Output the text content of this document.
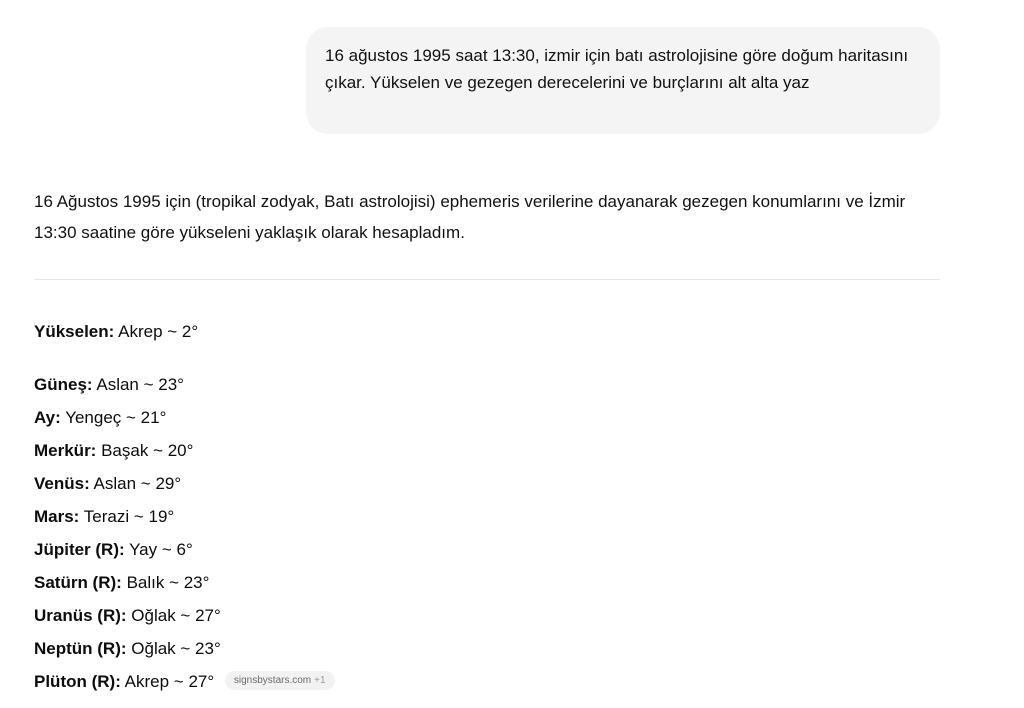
16 ağustos 1995 saat 13:30, izmir için batı astrolojisine göre doğum haritasını çıkar. Yükselen ve gezegen derecelerini ve burçlarını alt alta yaz

16 Ağustos 1995 için (tropikal zodyak, Batı astrolojisi) ephemeris verilerine dayanarak gezegen konumlarını ve İzmir 13:30 saatine göre yükseleni yaklaşık olarak hesapladım.

Yükselen: Akrep ~ 2°
Güneş: Aslan ~ 23°
Ay: Yengeç ~ 21°
Merkür: Başak ~ 20°
Venüs: Aslan ~ 29°
Mars: Terazi ~ 19°
Jüpiter (R): Yay ~ 6°
Satürn (R): Balık ~ 23°
Uranüs (R): Oğlak ~ 27°
Neptün (R): Oğlak ~ 23°
Plüton (R): Akrep ~ 27° signsbystars.com +1
